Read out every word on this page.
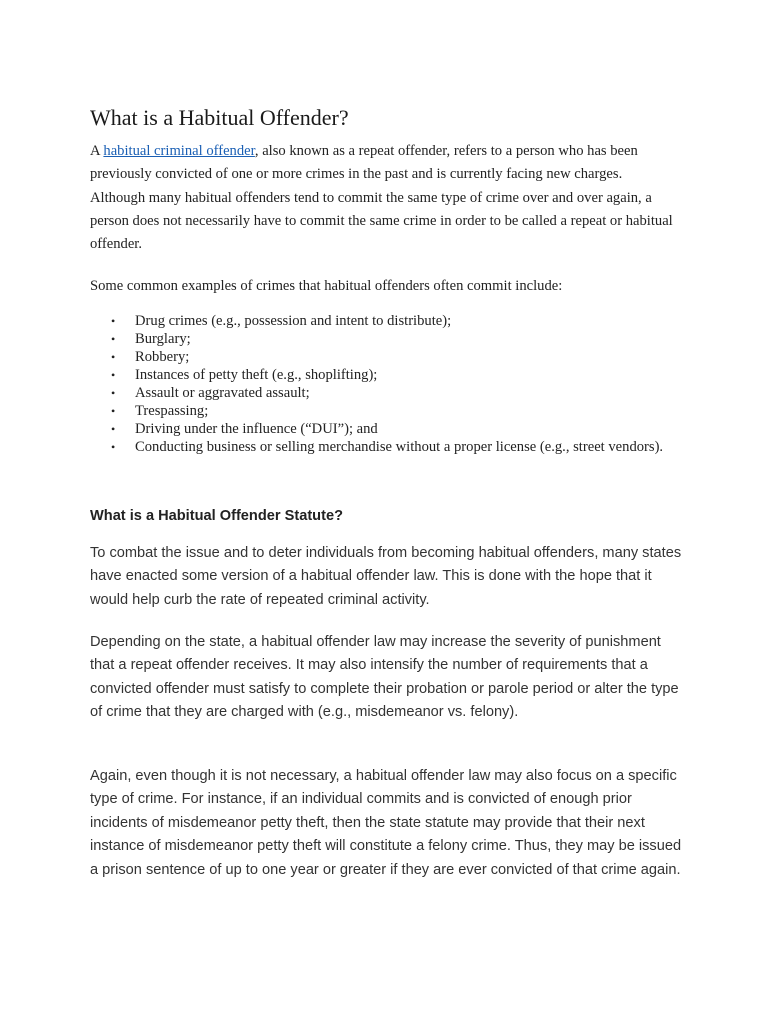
What is a Habitual Offender?

A habitual criminal offender, also known as a repeat offender, refers to a person who has been previously convicted of one or more crimes in the past and is currently facing new charges. Although many habitual offenders tend to commit the same type of crime over and over again, a person does not necessarily have to commit the same crime in order to be called a repeat or habitual offender.

Some common examples of crimes that habitual offenders often commit include:

• Drug crimes (e.g., possession and intent to distribute);
• Burglary;
• Robbery;
• Instances of petty theft (e.g., shoplifting);
• Assault or aggravated assault;
• Trespassing;
• Driving under the influence (“DUI”); and
• Conducting business or selling merchandise without a proper license (e.g., street vendors).
What is a Habitual Offender Statute?

To combat the issue and to deter individuals from becoming habitual offenders, many states have enacted some version of a habitual offender law. This is done with the hope that it would help curb the rate of repeated criminal activity.

Depending on the state, a habitual offender law may increase the severity of punishment that a repeat offender receives. It may also intensify the number of requirements that a convicted offender must satisfy to complete their probation or parole period or alter the type of crime that they are charged with (e.g., misdemeanor vs. felony).

Again, even though it is not necessary, a habitual offender law may also focus on a specific type of crime. For instance, if an individual commits and is convicted of enough prior incidents of misdemeanor petty theft, then the state statute may provide that their next instance of misdemeanor petty theft will constitute a felony crime. Thus, they may be issued a prison sentence of up to one year or greater if they are ever convicted of that crime again.
